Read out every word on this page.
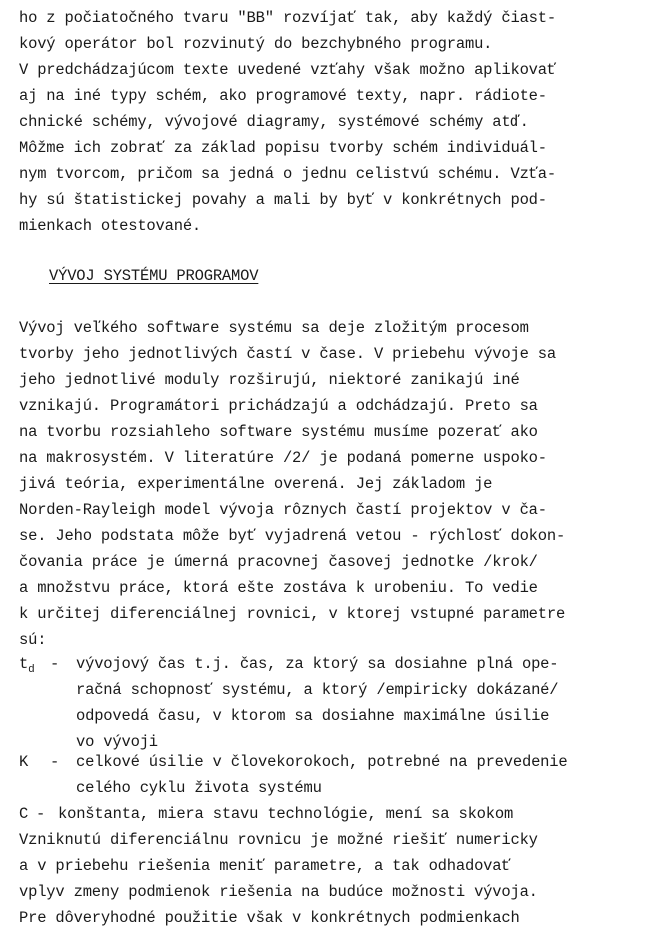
ho z počiatočného tvaru "BB" rozvíjať tak, aby každý čiast-
kový operátor bol rozvinutý do bezchybného programu.
V predchádzajúcom texte uvedené vzťahy však možno aplikovať
aj na iné typy schém, ako programové texty, napr. rádiote-
chnické schémy, vývojové diagramy, systémové schémy atď.
Môžme ich zobrať za základ popisu tvorby schém individuál-
nym tvorcom, pričom sa jedná o jednu celistvú schému. Vzťa-
hy sú štatistickej povahy a mali by byť v konkrétnych pod-
mienkach otestované.
VÝVOJ SYSTÉMU PROGRAMOV
Vývoj veľkého software systému sa deje zložitým procesom
tvorby jeho jednotlivých častí v čase. V priebehu vývoje sa
jeho jednotlivé moduly rozširujú, niektoré zanikajú iné
vznikajú. Programátori prichádzajú a odchádzajú. Preto sa
na tvorbu rozsiahleho software systému musíme pozerať ako
na makrosystém. V literatúre /2/ je podaná pomerne uspoko-
jivá teória, experimentálne overená. Jej základom je
Norden-Rayleigh model vývoja rôznych častí projektov v ča-
se. Jeho podstata môže byť vyjadrená vetou - rýchlosť dokon-
čovania práce je úmerná pracovnej časovej jednotke /krok/
a množstvu práce, ktorá ešte zostáva k urobeniu. To vedie
k určitej diferenciálnej rovnici, v ktorej vstupné parametre
sú:
$t_d$ - vývojový čas t.j. čas, za ktorý sa dosiahne plná ope-
račná schopnosť systému, a ktorý /empiricky dokázané/
odpovedá času, v ktorom sa dosiahne maximálne úsilie
vo vývoji
K - celkové úsilie v človekorokoch, potrebné na prevedenie
celého cyklu života systému
C - konštanta, miera stavu technológie, mení sa skokom
Vzniknutú diferenciálnu rovnicu je možné riešiť numericky
a v priebehu riešenia meniť parametre, a tak odhadovať
vplyv zmeny podmienok riešenia na budúce možnosti vývoja.
Pre dôveryhodné použitie však v konkrétnych podmienkach
